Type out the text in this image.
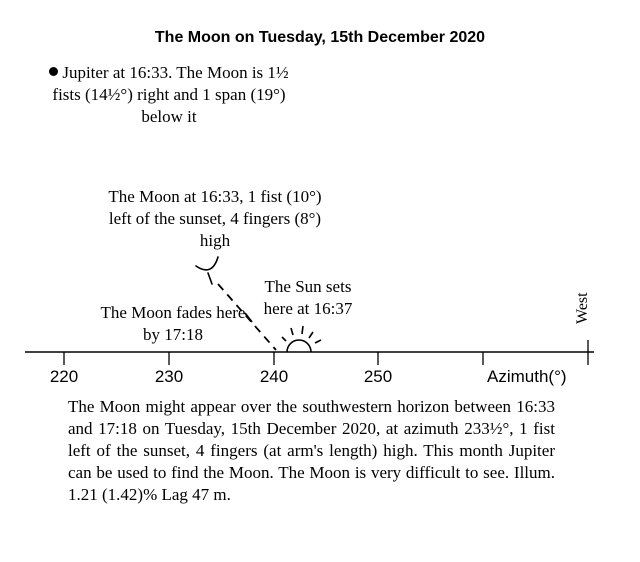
The Moon on Tuesday, 15th December 2020
Jupiter at 16:33. The Moon is 1½ fists (14½°) right and 1 span (19°) below it
The Moon at 16:33, 1 fist (10°) left of the sunset, 4 fingers (8°) high
The Sun sets here at 16:37
The Moon fades here by 17:18
220	230	240	250	Azimuth(°)
West
The Moon might appear over the southwestern horizon between 16:33 and 17:18 on Tuesday, 15th December 2020, at azimuth 233½°, 1 fist left of the sunset, 4 fingers (at arm's length) high. This month Jupiter can be used to find the Moon. The Moon is very difficult to see. Illum. 1.21 (1.42)% Lag 47 m.
